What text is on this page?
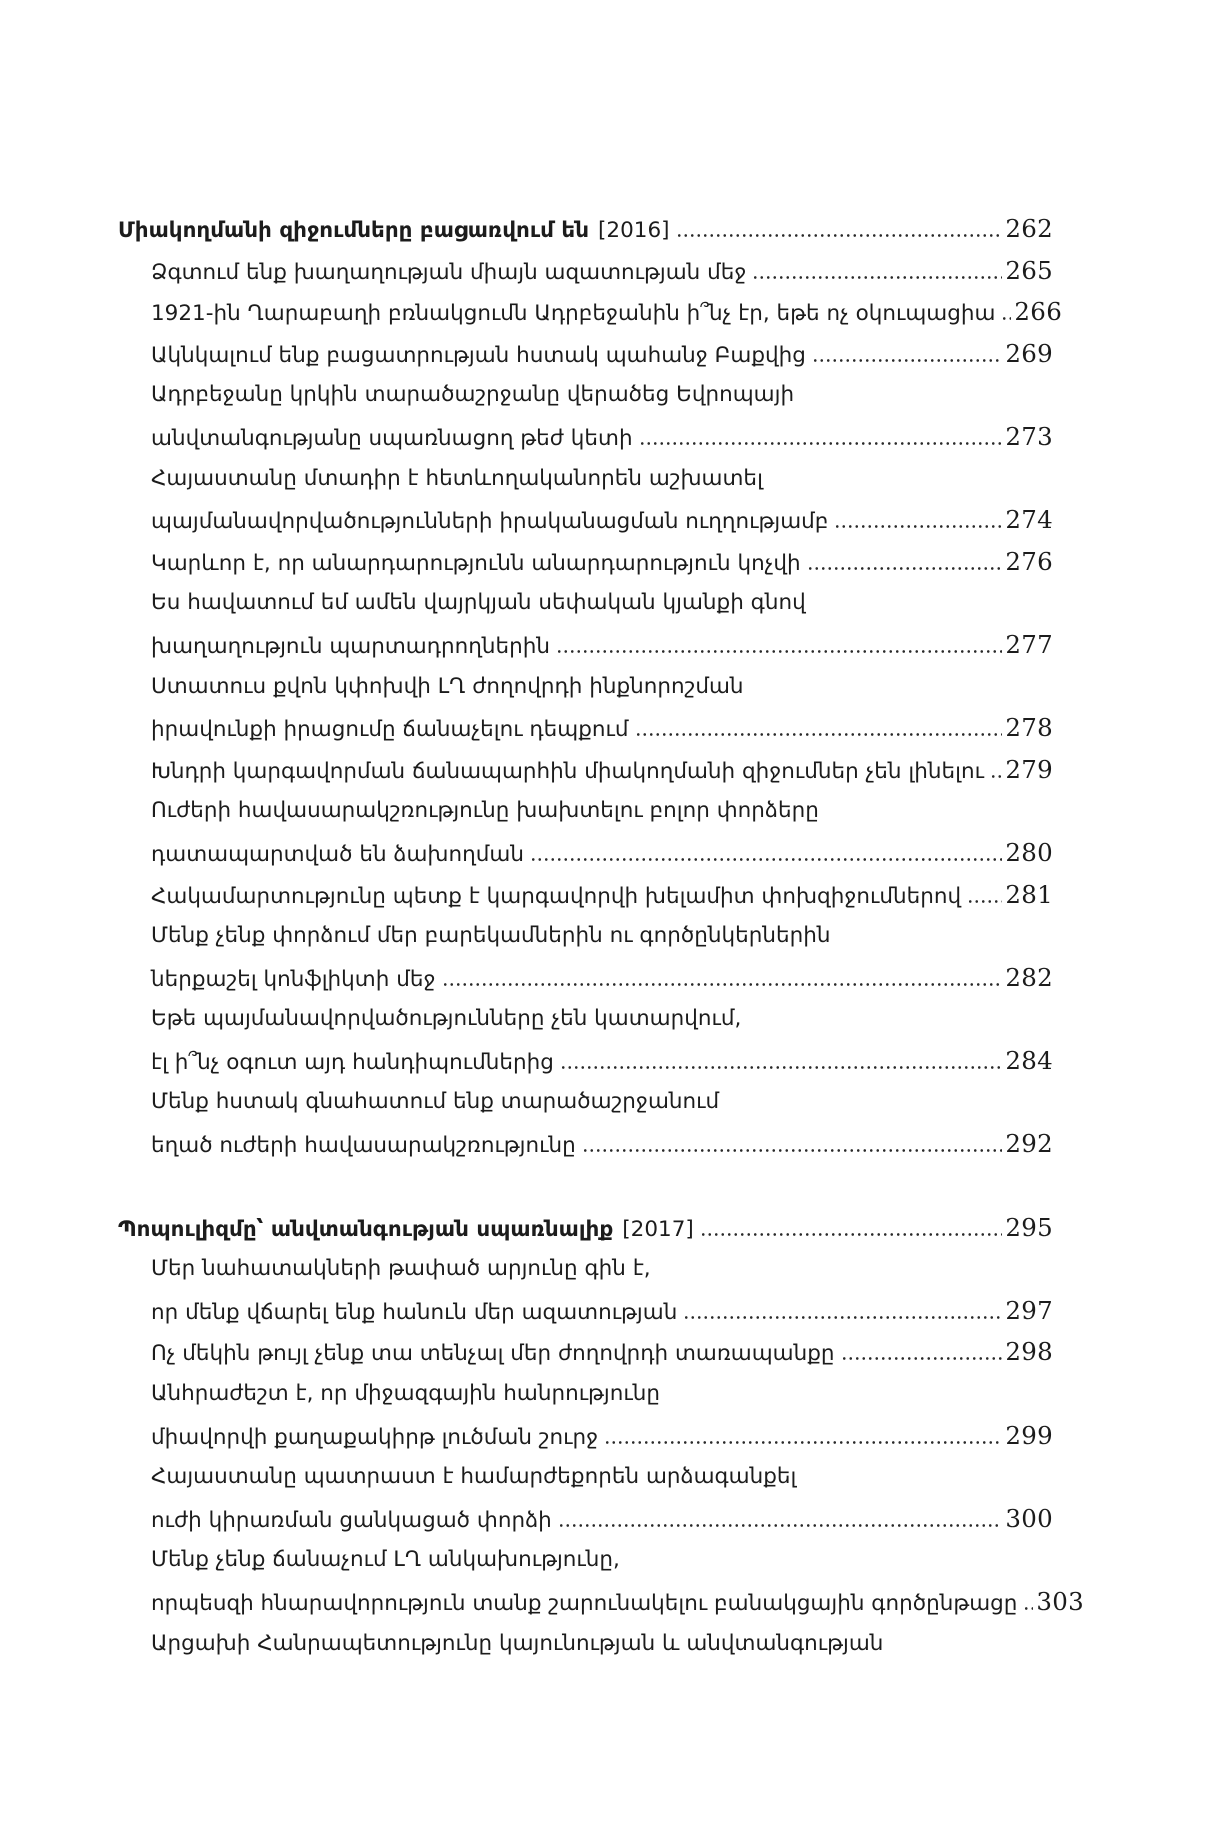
Միակողմանի զիջումները բացառվում են [2016]	262
Ձգտում ենք խաղաղության միայն ազատության մեջ	265
1921-ին Ղարաբաղի բռնակցումն Ադրբեջանին ի՞նչ էր, եթե ոչ օկուպացիա 266
Ակնկալում ենք բացատրության հստակ պահանջ Բաքվից	269
Ադրբեջանը կրկին տարածաշրջանը վերածեց Եվրոպայի
անվտանգությանը սպառնացող թեժ կետի	273
Հայաստանը մտադիր է հետևողականորեն աշխատել
պայմանավորվածությունների իրականացման ուղղությամբ	274
Կարևոր է, որ անարդարությունն անարդարություն կոչվի	276
Ես հավատում եմ ամեն վայրկյան սեփական կյանքի գնով
խաղաղություն պարտադրողներին	277
Ստատուս քվոն կփոխվի ԼՂ ժողովրդի ինքնորոշման
իրավունքի իրացումը ճանաչելու դեպքում	278
Խնդրի կարգավորման ճանապարհին միակողմանի զիջումներ չեն լինելու 279
Ուժերի հավասարակշռությունը խախտելու բոլոր փորձերը
դատապարտված են ձախողման	280
Հակամարտությունը պետք է կարգավորվի խելամիտ փոխզիջումներով 281
Մենք չենք փորձում մեր բարեկամներին ու գործընկերներին
ներքաշել կոնֆլիկտի մեջ	282
Եթե պայմանավորվածությունները չեն կատարվում,
էլ ի՞նչ օգուտ այդ հանդիպումներից	284
Մենք հստակ գնահատում ենք տարածաշրջանում
եղած ուժերի հավասարակշռությունը	292
Պոպուլիզմը՝ անվտանգության սպառնալիք [2017]	295
Մեր նահատակների թափած արյունը գին է,
որ մենք վճարել ենք հանուն մեր ազատության	297
Ոչ մեկին թույլ չենք տա տենչալ մեր ժողովրդի տառապանքը	298
Անհրաժեշտ է, որ միջազգային հանրությունը
միավորվի քաղաքակիրթ լուծման շուրջ	299
Հայաստանը պատրաստ է համարժեքորեն արձագանքել
ուժի կիրառման ցանկացած փորձի	300
Մենք չենք ճանաչում ԼՂ անկախությունը,
որպեսզի հնարավորություն տանք շարունակելու բանակցային գործընթացը 303
Արցախի Հանրապետությունը կայունության և անվտանգության
